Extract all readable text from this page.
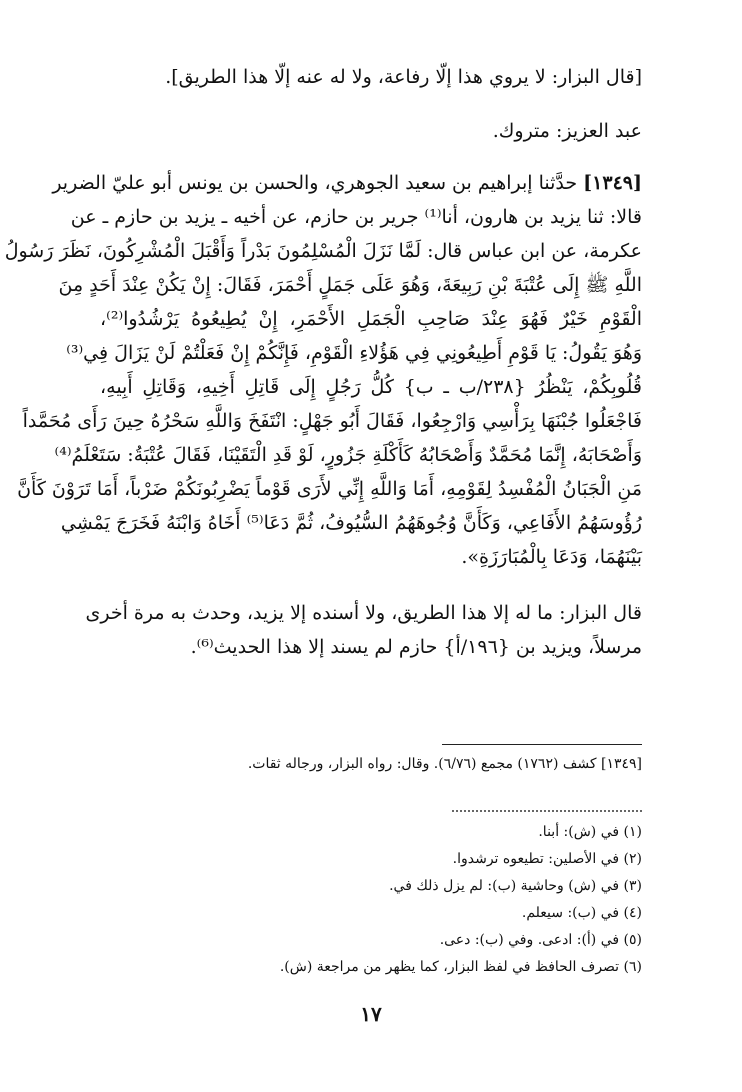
[قال البزار: لا يروي هذا إلّا رفاعة، ولا له عنه إلّا هذا الطريق].
عبد العزيز: متروك.
[١٣٤٩] حدَّثنا إبراهيم بن سعيد الجوهري، والحسن بن يونس أبو عليّ الضرير
قالا: ثنا يزيد بن هارون، أنا⁽¹⁾ جرير بن حازم، عن أخيه ـ يزيد بن حازم ـ عن
عكرمة، عن ابن عباس قال: لَمَّا نَزَلَ الْمُسْلِمُونَ بَدْراً وَأَقْبَلَ الْمُشْرِكُونَ، نَظَرَ رَسُولُ
اللَّهِ ﷺ إِلَى عُتْبَةَ بْنِ رَبِيعَةَ، وَهُوَ عَلَى جَمَلٍ أَحْمَرَ، فَقَالَ: إِنْ يَكُنْ عِنْدَ أَحَدٍ مِنَ
الْقَوْمِ خَيْرٌ فَهُوَ عِنْدَ صَاحِبِ الْجَمَلِ الأَحْمَرِ، إِنْ يُطِيعُوهُ يَرْشُدُوا⁽²⁾،
وَهُوَ يَقُولُ: يَا قَوْمِ أَطِيعُونِي فِي هَؤُلاءِ الْقَوْمِ، فَإِنَّكُمْ إِنْ فَعَلْتُمْ لَنْ يَزَالَ فِي⁽³⁾
قُلُوبِكُمْ، يَنْظُرُ {٢٣٨/ب ـ ب} كُلُّ رَجُلٍ إِلَى قَاتِلِ أَخِيهِ، وَقَاتِلِ أَبِيهِ،
فَاجْعَلُوا جُبْنَهَا بِرَأْسِي وَارْجِعُوا، فَقَالَ أَبُو جَهْلٍ: انْتَفَخَ وَاللَّهِ سَحْرُهُ حِينَ رَأَى مُحَمَّداً
وَأَصْحَابَهُ، إِنَّمَا مُحَمَّدٌ وَأَصْحَابُهُ كَأَكْلَةِ جَزُورٍ، لَوْ قَدِ الْتَقَيْنَا، فَقَالَ عُتْبَةُ: سَتَعْلَمُ⁽⁴⁾
مَنِ الْجَبَانُ الْمُفْسِدُ لِقَوْمِهِ، أَمَا وَاللَّهِ إِنِّي لأَرَى قَوْماً يَضْرِبُونَكُمْ ضَرْباً، أَمَا تَرَوْنَ كَأَنَّ
رُؤُوسَهُمُ الأَفَاعِي، وَكَأَنَّ وُجُوهَهُمُ السُّيُوفُ، ثُمَّ دَعَا⁽⁵⁾ أَخَاهُ وَابْنَهُ فَخَرَجَ يَمْشِي
بَيْنَهُمَا، وَدَعَا بِالْمُبَارَزَةِ».
قال البزار: ما له إلا هذا الطريق، ولا أسنده إلا يزيد، وحدث به مرة أخرى
مرسلاً، ويزيد بن {١٩٦/أ} حازم لم يسند إلا هذا الحديث⁽⁶⁾.
[١٣٤٩] كشف (١٧٦٢) مجمع (٦/٧٦). وقال: رواه البزار، ورجاله ثقات.
(١) في (ش): أبنا.
(٢) في الأصلين: تطيعوه ترشدوا.
(٣) في (ش) وحاشية (ب): لم يزل ذلك في.
(٤) في (ب): سيعلم.
(٥) في (أ): ادعى. وفي (ب): دعى.
(٦) تصرف الحافظ في لفظ البزار، كما يظهر من مراجعة (ش).
١٧
